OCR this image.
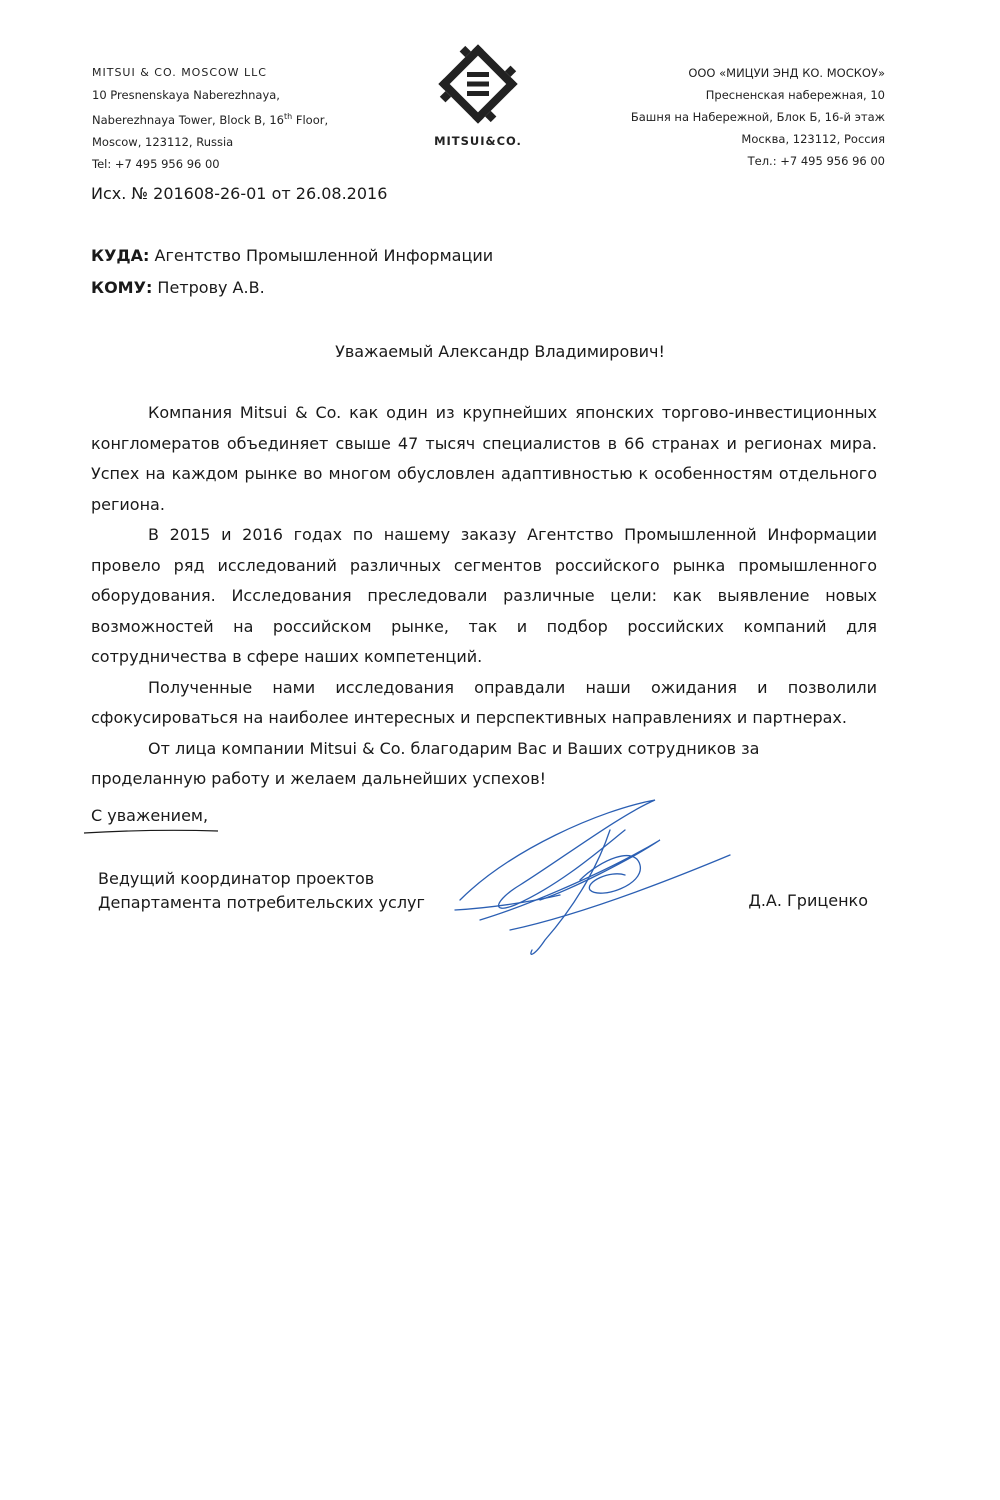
MITSUI & CO. MOSCOW LLC
10 Presnenskaya Naberezhnaya,
Naberezhnaya Tower, Block B, 16th Floor,
Moscow, 123112, Russia
Tel: +7 495 956 96 00
MITSUI&CO.
ООО «МИЦУИ ЭНД КО. МОСКОУ»
Пресненская набережная, 10
Башня на Набережной, Блок Б, 16-й этаж
Москва, 123112, Россия
Тел.: +7 495 956 96 00
Исх. № 201608-26-01 от 26.08.2016
КУДА: Агентство Промышленной Информации
КОМУ: Петрову А.В.
Уважаемый Александр Владимирович!

Компания Mitsui & Co. как один из крупнейших японских торгово-инвестиционных конгломератов объединяет свыше 47 тысяч специалистов в 66 странах и регионах мира. Успех на каждом рынке во многом обусловлен адаптивностью к особенностям отдельного региона.

В 2015 и 2016 годах по нашему заказу Агентство Промышленной Информации провело ряд исследований различных сегментов российского рынка промышленного оборудования. Исследования преследовали различные цели: как выявление новых возможностей на российском рынке, так и подбор российских компаний для сотрудничества в сфере наших компетенций.

Полученные нами исследования оправдали наши ожидания и позволили сфокусироваться на наиболее интересных и перспективных направлениях и партнерах.

От лица компании Mitsui & Co. благодарим Вас и Ваших сотрудников за проделанную работу и желаем дальнейших успехов!

С уважением,
Ведущий координатор проектов
Департамента потребительских услуг	Д.А. Гриценко
